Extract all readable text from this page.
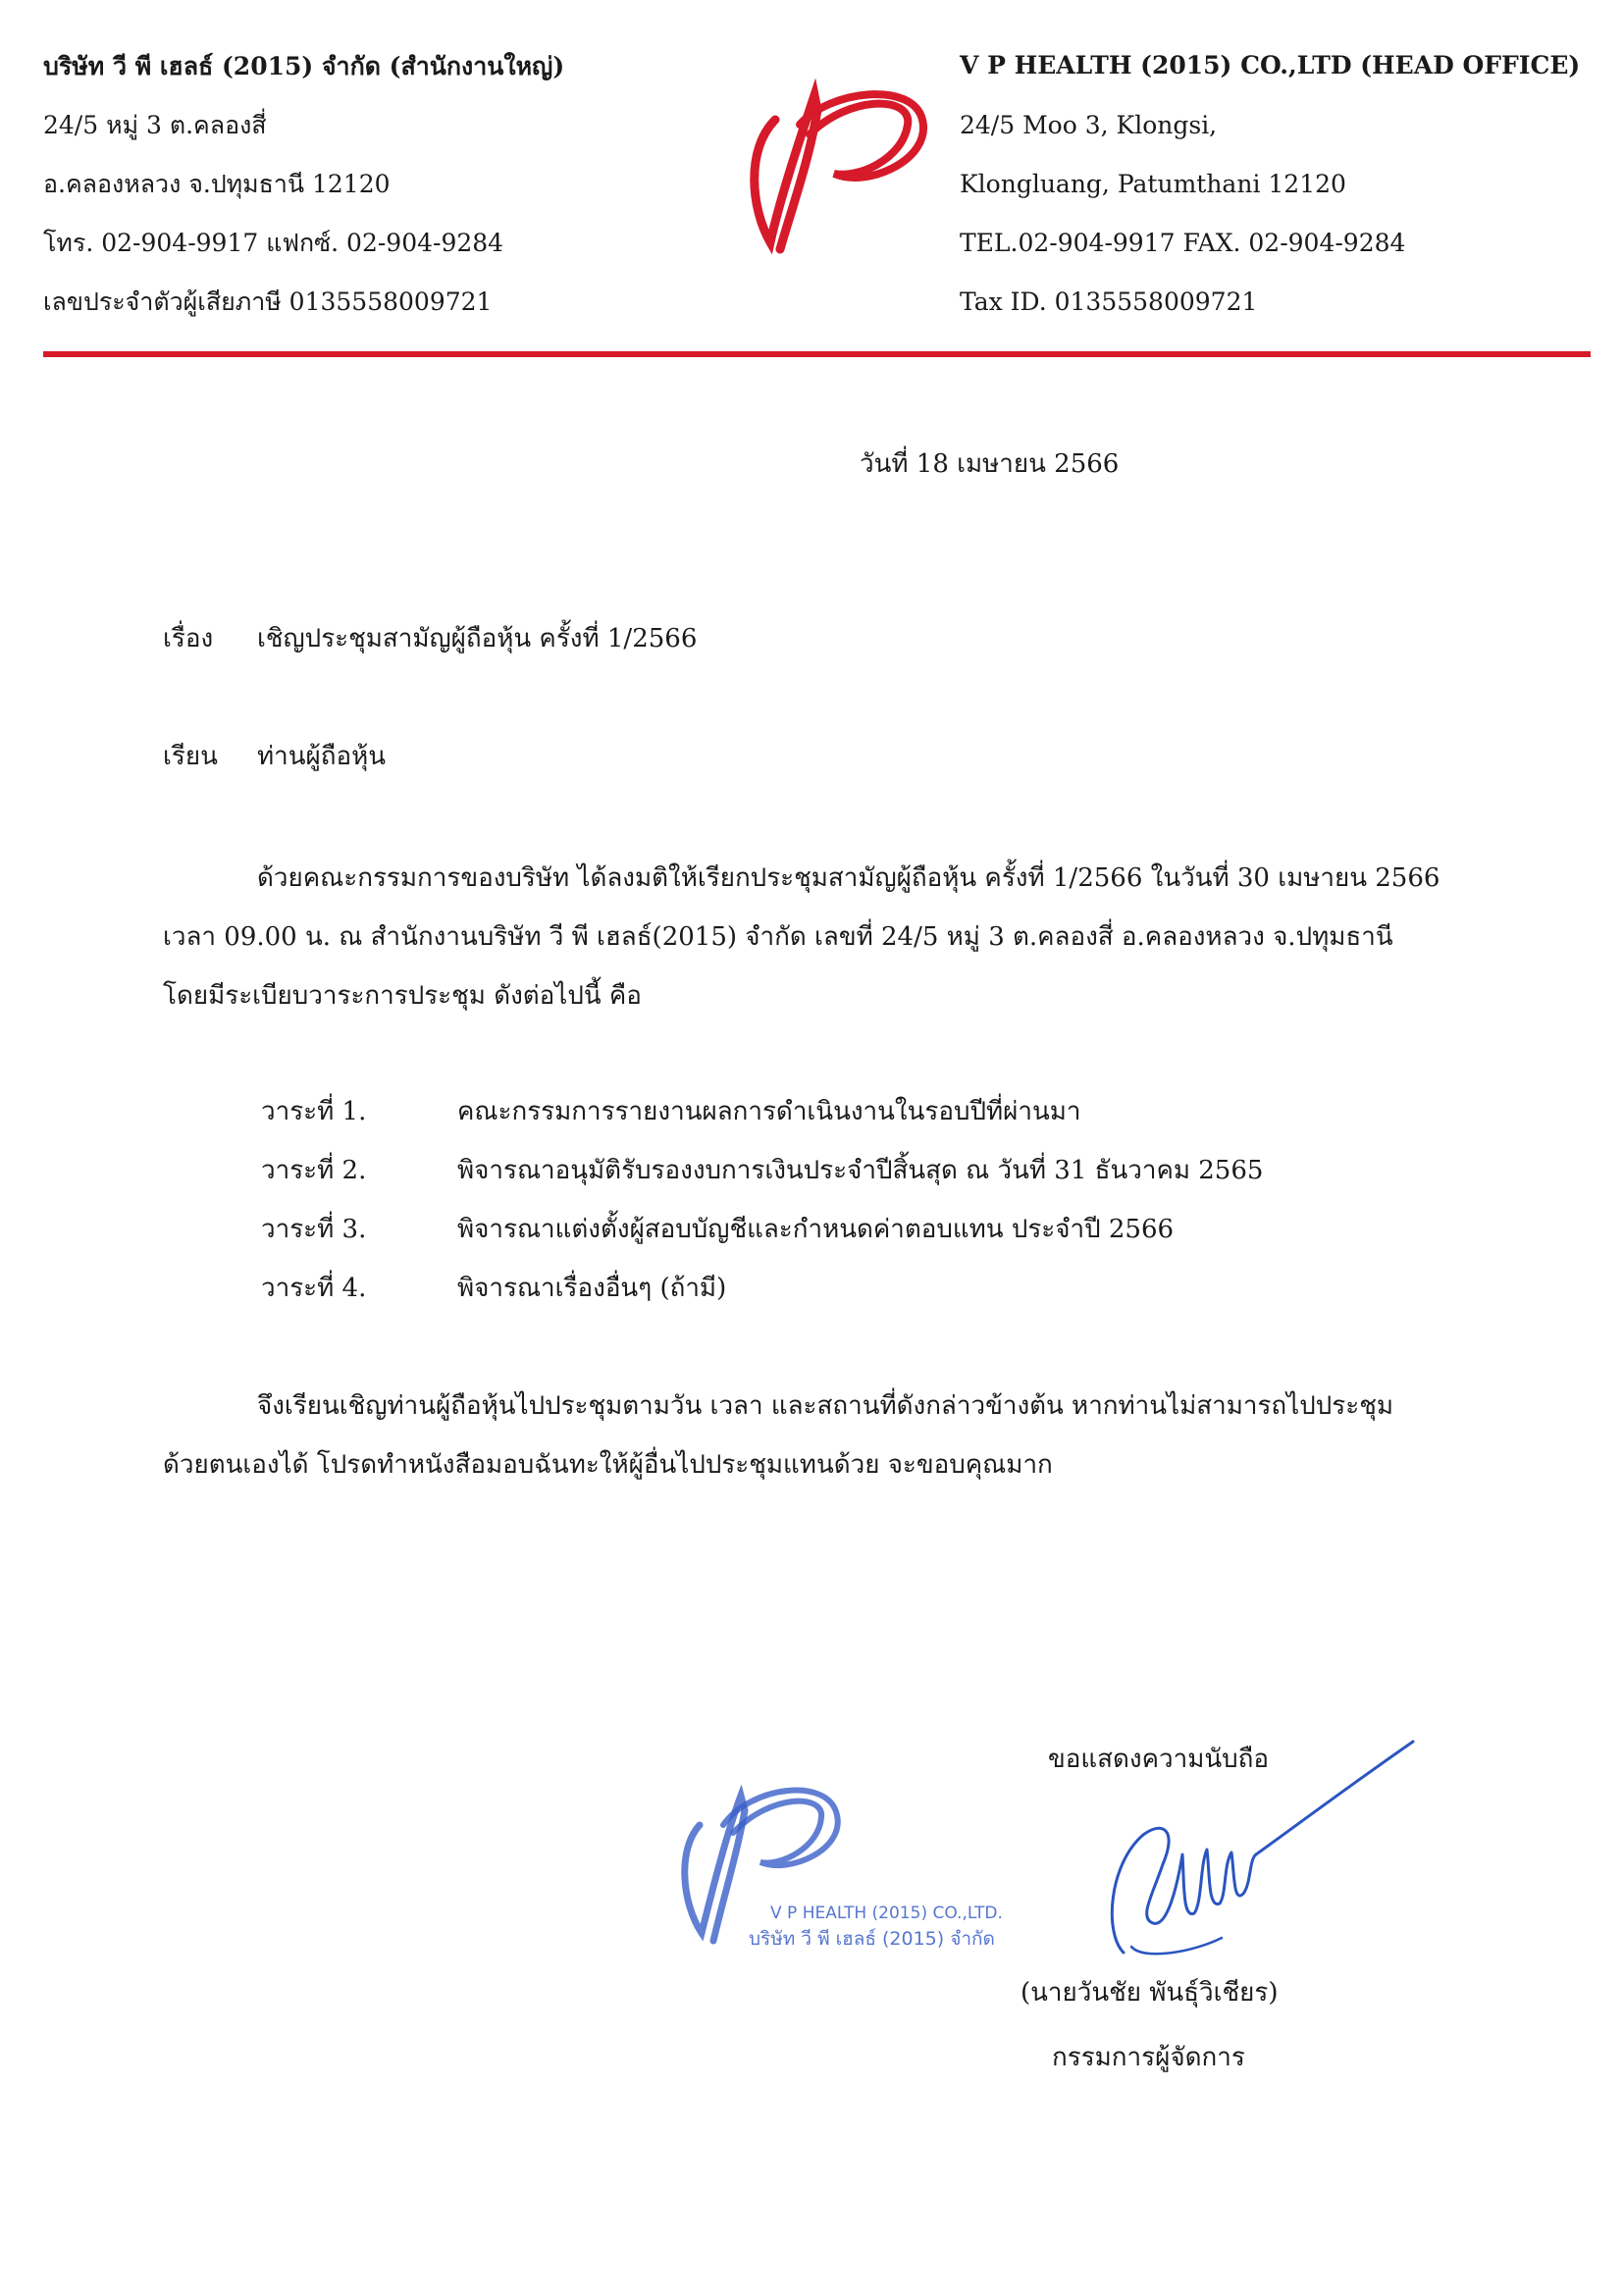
บริษัท วี พี เฮลธ์ (2015) จำกัด (สำนักงานใหญ่)
24/5 หมู่ 3 ต.คลองสี่
อ.คลองหลวง จ.ปทุมธานี 12120
โทร. 02-904-9917 แฟกซ์. 02-904-9284
เลขประจำตัวผู้เสียภาษี 0135558009721
V P HEALTH (2015) CO.,LTD (HEAD OFFICE)
24/5 Moo 3, Klongsi,
Klongluang, Patumthani 12120
TEL.02-904-9917 FAX. 02-904-9284
Tax ID. 0135558009721
วันที่ 18 เมษายน 2566
เรื่อง เชิญประชุมสามัญผู้ถือหุ้น ครั้งที่ 1/2566
เรียน ท่านผู้ถือหุ้น
ด้วยคณะกรรมการของบริษัท ได้ลงมติให้เรียกประชุมสามัญผู้ถือหุ้น ครั้งที่ 1/2566 ในวันที่ 30 เมษายน 2566
เวลา 09.00 น. ณ สำนักงานบริษัท วี พี เฮลธ์(2015) จำกัด เลขที่ 24/5 หมู่ 3 ต.คลองสี่ อ.คลองหลวง จ.ปทุมธานี
โดยมีระเบียบวาระการประชุม ดังต่อไปนี้ คือ
วาระที่ 1.	คณะกรรมการรายงานผลการดำเนินงานในรอบปีที่ผ่านมา
วาระที่ 2.	พิจารณาอนุมัติรับรองงบการเงินประจำปีสิ้นสุด ณ วันที่ 31 ธันวาคม 2565
วาระที่ 3.	พิจารณาแต่งตั้งผู้สอบบัญชีและกำหนดค่าตอบแทน ประจำปี 2566
วาระที่ 4.	พิจารณาเรื่องอื่นๆ (ถ้ามี)
จึงเรียนเชิญท่านผู้ถือหุ้นไปประชุมตามวัน เวลา และสถานที่ดังกล่าวข้างต้น หากท่านไม่สามารถไปประชุม
ด้วยตนเองได้ โปรดทำหนังสือมอบฉันทะให้ผู้อื่นไปประชุมแทนด้วย จะขอบคุณมาก
ขอแสดงความนับถือ
V P HEALTH (2015) CO.,LTD.
บริษัท วี พี เฮลธ์ (2015) จำกัด
(นายวันชัย พันธุ์วิเชียร)
กรรมการผู้จัดการ
